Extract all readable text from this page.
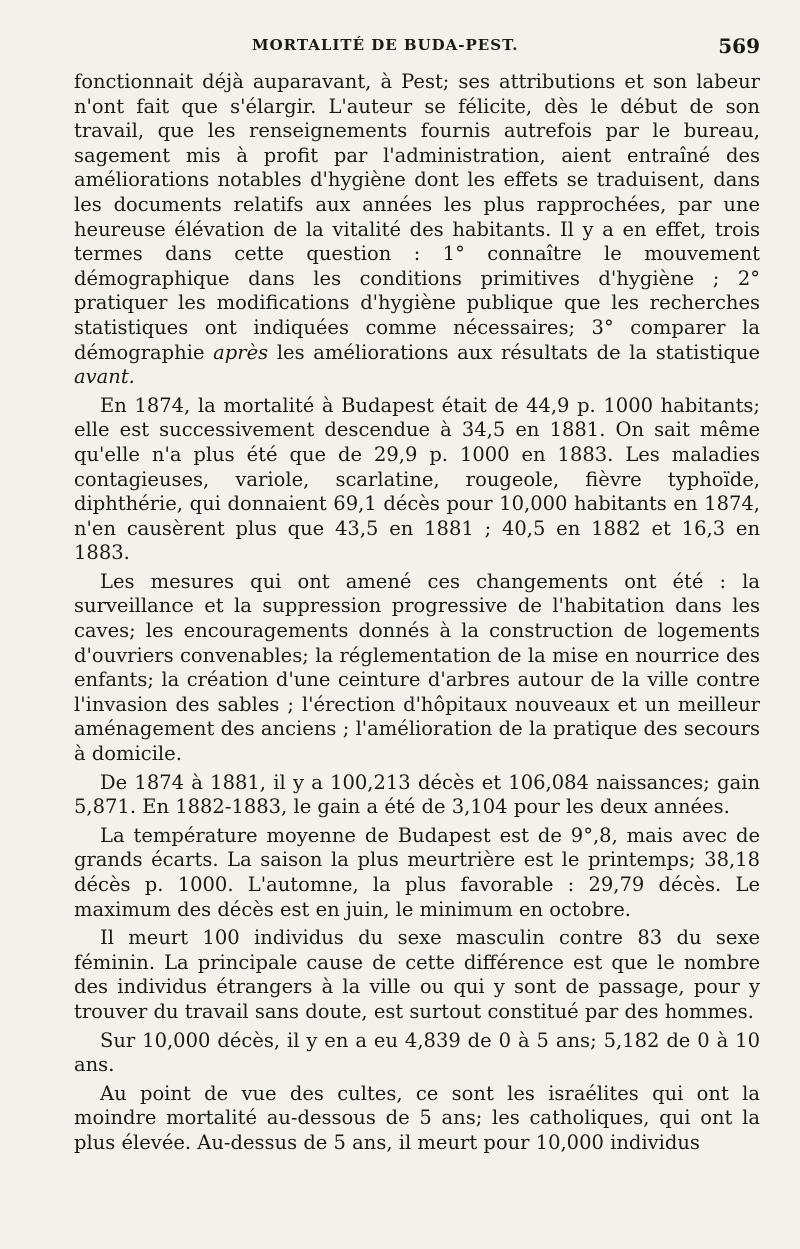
MORTALITÉ DE BUDA-PEST.	569

fonctionnait déjà auparavant, à Pest; ses attributions et son labeur n'ont fait que s'élargir. L'auteur se félicite, dès le début de son travail, que les renseignements fournis autrefois par le bureau, sagement mis à profit par l'administration, aient entraîné des améliorations notables d'hygiène dont les effets se traduisent, dans les documents relatifs aux années les plus rapprochées, par une heureuse élévation de la vitalité des habitants. Il y a en effet, trois termes dans cette question : 1° connaître le mouvement démographique dans les conditions primitives d'hygiène ; 2° pratiquer les modifications d'hygiène publique que les recherches statistiques ont indiquées comme nécessaires; 3° comparer la démographie après les améliorations aux résultats de la statistique avant.

En 1874, la mortalité à Budapest était de 44,9 p. 1000 habitants; elle est successivement descendue à 34,5 en 1881. On sait même qu'elle n'a plus été que de 29,9 p. 1000 en 1883. Les maladies contagieuses, variole, scarlatine, rougeole, fièvre typhoïde, diphthérie, qui donnaient 69,1 décès pour 10,000 habitants en 1874, n'en causèrent plus que 43,5 en 1881 ; 40,5 en 1882 et 16,3 en 1883.

Les mesures qui ont amené ces changements ont été : la surveillance et la suppression progressive de l'habitation dans les caves; les encouragements donnés à la construction de logements d'ouvriers convenables; la réglementation de la mise en nourrice des enfants; la création d'une ceinture d'arbres autour de la ville contre l'invasion des sables ; l'érection d'hôpitaux nouveaux et un meilleur aménagement des anciens ; l'amélioration de la pratique des secours à domicile.

De 1874 à 1881, il y a 100,213 décès et 106,084 naissances; gain 5,871. En 1882-1883, le gain a été de 3,104 pour les deux années.

La température moyenne de Budapest est de 9°,8, mais avec de grands écarts. La saison la plus meurtrière est le printemps; 38,18 décès p. 1000. L'automne, la plus favorable : 29,79 décès. Le maximum des décès est en juin, le minimum en octobre.

Il meurt 100 individus du sexe masculin contre 83 du sexe féminin. La principale cause de cette différence est que le nombre des individus étrangers à la ville ou qui y sont de passage, pour y trouver du travail sans doute, est surtout constitué par des hommes.

Sur 10,000 décès, il y en a eu 4,839 de 0 à 5 ans; 5,182 de 0 à 10 ans.

Au point de vue des cultes, ce sont les israélites qui ont la moindre mortalité au-dessous de 5 ans; les catholiques, qui ont la plus élevée. Au-dessus de 5 ans, il meurt pour 10,000 individus
